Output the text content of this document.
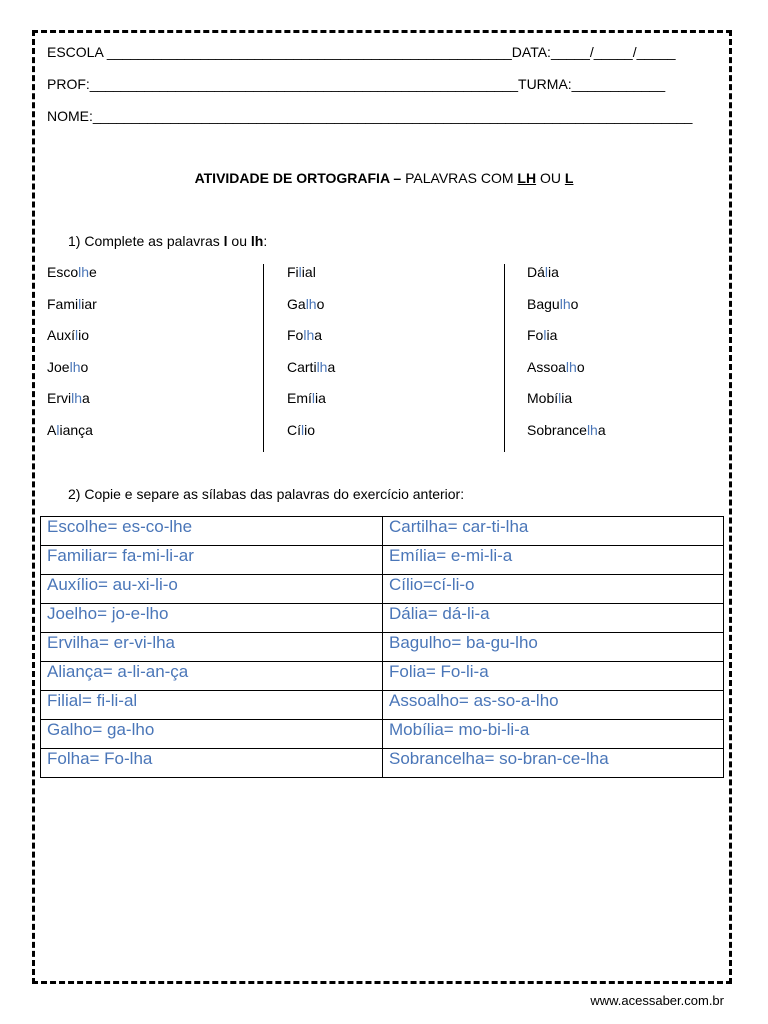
ESCOLA ____________________________________________________DATA:_____/_____/_____
PROF:_______________________________________________________TURMA:____________
NOME:_____________________________________________________________________________
ATIVIDADE DE ORTOGRAFIA – PALAVRAS COM LH OU L
1) Complete as palavras l ou lh:
Escolhe
Familiar
Auxílio
Joelho
Ervilha
Aliança
Filial
Galho
Folha
Cartilha
Emília
Cílio
Dália
Bagulho
Folia
Assoalho
Mobília
Sobrancelha
2) Copie e separe as sílabas das palavras do exercício anterior:
Escolhe= es-co-lhe	Cartilha= car-ti-lha
Familiar= fa-mi-li-ar	Emília= e-mi-li-a
Auxílio= au-xi-li-o	Cílio=cí-li-o
Joelho= jo-e-lho	Dália= dá-li-a
Ervilha= er-vi-lha	Bagulho= ba-gu-lho
Aliança= a-li-an-ça	Folia= Fo-li-a
Filial= fi-li-al	Assoalho= as-so-a-lho
Galho= ga-lho	Mobília= mo-bi-li-a
Folha= Fo-lha	Sobrancelha= so-bran-ce-lha
www.acessaber.com.br
